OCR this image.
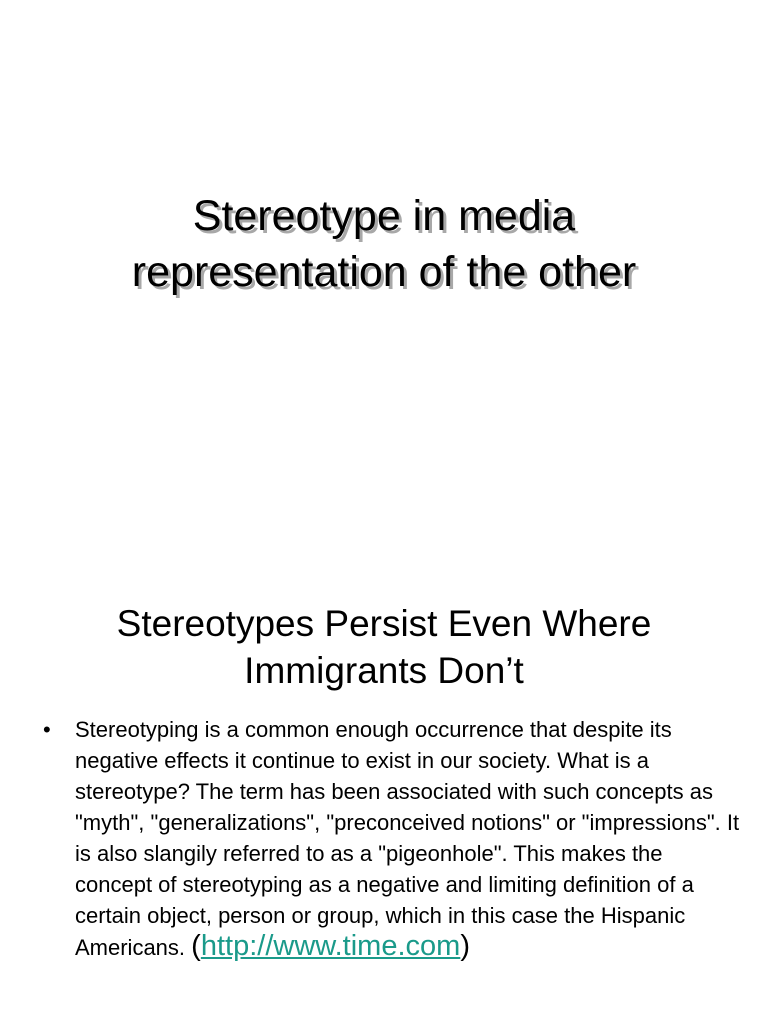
Stereotype in media
representation of the other
Stereotypes Persist Even Where
Immigrants Don’t
• Stereotyping is a common enough occurrence that despite its negative effects it continue to exist in our society. What is a stereotype? The term has been associated with such concepts as "myth", "generalizations", "preconceived notions" or "impressions". It is also slangily referred to as a "pigeonhole". This makes the concept of stereotyping as a negative and limiting definition of a certain object, person or group, which in this case the Hispanic Americans. (http://www.time.com)
